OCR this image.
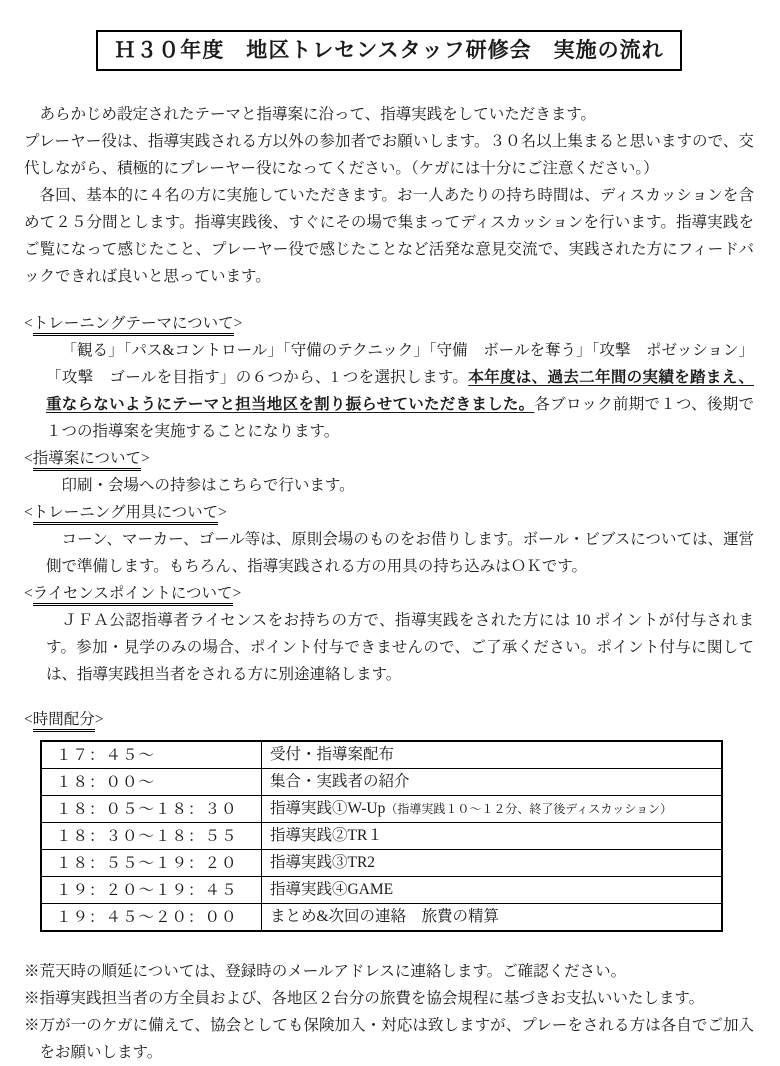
Ｈ３０年度　地区トレセンスタッフ研修会　実施の流れ

あらかじめ設定されたテーマと指導案に沿って、指導実践をしていただきます。

プレーヤー役は、指導実践される方以外の参加者でお願いします。３０名以上集まると思いますので、交代しながら、積極的にプレーヤー役になってください。（ケガには十分にご注意ください。）

各回、基本的に４名の方に実施していただきます。お一人あたりの持ち時間は、ディスカッションを含めて２５分間とします。指導実践後、すぐにその場で集まってディスカッションを行います。指導実践をご覧になって感じたこと、プレーヤー役で感じたことなど活発な意見交流で、実践された方にフィードバックできれば良いと思っています。

<トレーニングテーマについて>

「観る」「パス&コントロール」「守備のテクニック」「守備　ボールを奪う」「攻撃　ポゼッション」「攻撃　ゴールを目指す」の６つから、1 つを選択します。本年度は、過去二年間の実績を踏まえ、重ならないようにテーマと担当地区を割り振らせていただきました。各ブロック前期で１つ、後期で１つの指導案を実施することになります。

<指導案について>

印刷・会場への持参はこちらで行います。

<トレーニング用具について>

コーン、マーカー、ゴール等は、原則会場のものをお借りします。ボール・ビブスについては、運営側で準備します。もちろん、指導実践される方の用具の持ち込みはＯＫです。

<ライセンスポイントについて>

ＪＦＡ公認指導者ライセンスをお持ちの方で、指導実践をされた方には 10 ポイントが付与されます。参加・見学のみの場合、ポイント付与できませんので、ご了承ください。ポイント付与に関しては、指導実践担当者をされる方に別途連絡します。

<時間配分>

１７：４５～	受付・指導案配布
１８：００～	集合・実践者の紹介
１８：０５～１８：３０	指導実践①W-Up（指導実践１０～１２分、終了後ディスカッション）
１８：３０～１８：５５	指導実践②TR１
１８：５５～１９：２０	指導実践③TR2
１９：２０～１９：４５	指導実践④GAME
１９：４５～２０：００	まとめ&次回の連絡　旅費の精算

※荒天時の順延については、登録時のメールアドレスに連絡します。ご確認ください。

※指導実践担当者の方全員および、各地区２台分の旅費を協会規程に基づきお支払いいたします。

※万が一のケガに備えて、協会としても保険加入・対応は致しますが、プレーをされる方は各自でご加入をお願いします。
